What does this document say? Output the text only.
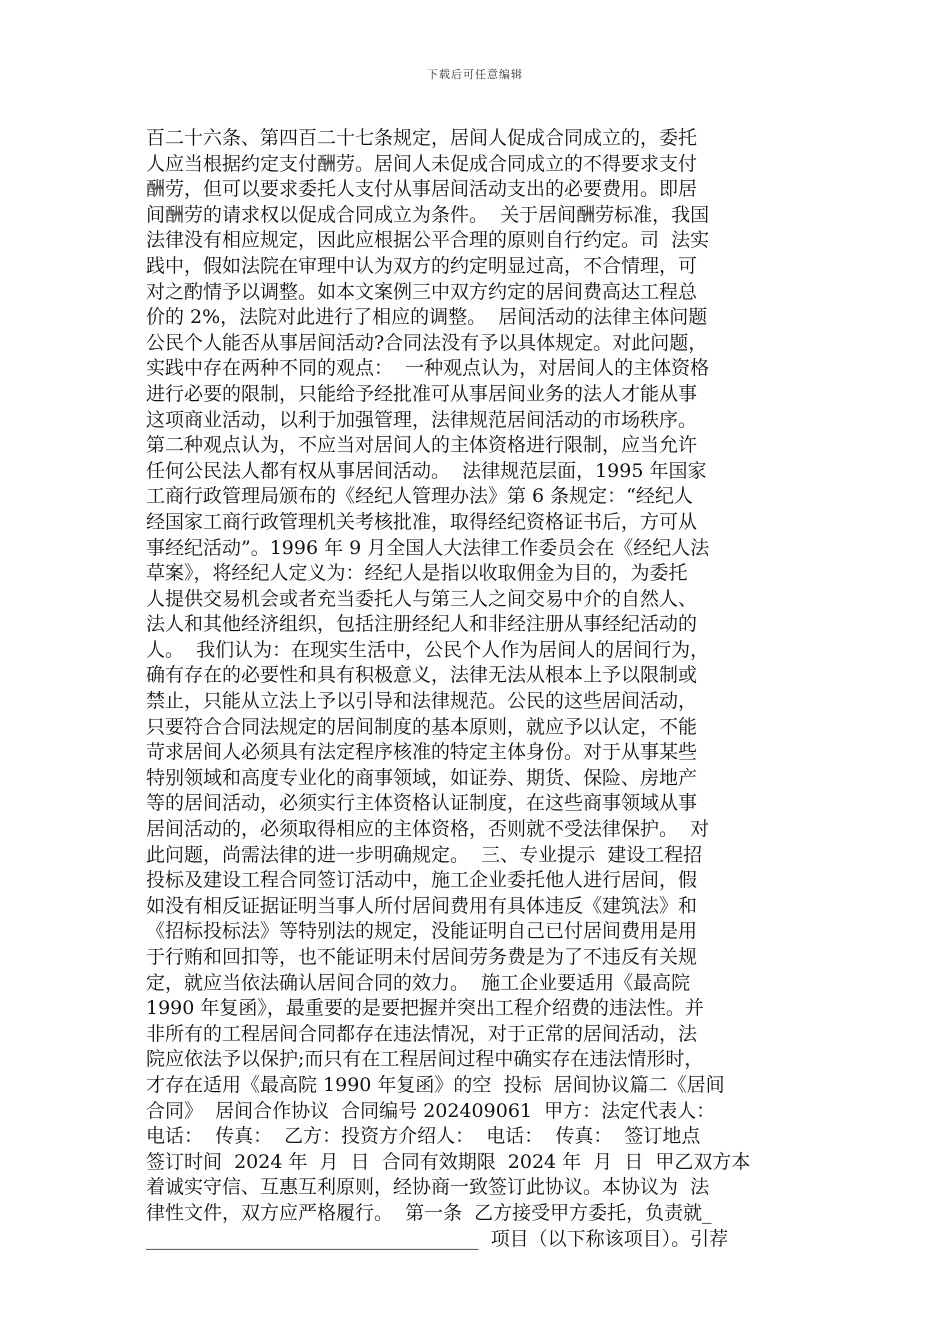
下载后可任意编辑
百二十六条、第四百二十七条规定，居间人促成合同成立的，委托
人应当根据约定支付酬劳。居间人未促成合同成立的不得要求支付
酬劳，但可以要求委托人支付从事居间活动支出的必要费用。即居
间酬劳的请求权以促成合同成立为条件。  关于居间酬劳标准，我国
法律没有相应规定，因此应根据公平合理的原则自行约定。司  法实
践中，假如法院在审理中认为双方的约定明显过高，不合情理，可
对之酌情予以调整。如本文案例三中双方约定的居间费高达工程总
价的 2%，法院对此进行了相应的调整。  居间活动的法律主体问题
公民个人能否从事居间活动?合同法没有予以具体规定。对此问题，
实践中存在两种不同的观点：  一种观点认为，对居间人的主体资格
进行必要的限制，只能给予经批准可从事居间业务的法人才能从事
这项商业活动，以利于加强管理，法律规范居间活动的市场秩序。
第二种观点认为，不应当对居间人的主体资格进行限制，应当允许
任何公民法人都有权从事居间活动。  法律规范层面，1995 年国家
工商行政管理局颁布的《经纪人管理办法》第 6 条规定：“经纪人
经国家工商行政管理机关考核批准，取得经纪资格证书后，方可从
事经纪活动”。1996 年 9 月全国人大法律工作委员会在《经纪人法
草案》，将经纪人定义为：经纪人是指以收取佣金为目的，为委托
人提供交易机会或者充当委托人与第三人之间交易中介的自然人、
法人和其他经济组织，包括注册经纪人和非经注册从事经纪活动的
人。  我们认为：在现实生活中，公民个人作为居间人的居间行为，
确有存在的必要性和具有积极意义，法律无法从根本上予以限制或
禁止，只能从立法上予以引导和法律规范。公民的这些居间活动，
只要符合合同法规定的居间制度的基本原则，就应予以认定，不能
苛求居间人必须具有法定程序核准的特定主体身份。对于从事某些
特别领域和高度专业化的商事领域，如证券、期货、保险、房地产
等的居间活动，必须实行主体资格认证制度，在这些商事领域从事
居间活动的，必须取得相应的主体资格，否则就不受法律保护。  对
此问题，尚需法律的进一步明确规定。  三、专业提示  建设工程招
投标及建设工程合同签订活动中，施工企业委托他人进行居间，假
如没有相反证据证明当事人所付居间费用有具体违反《建筑法》和
《招标投标法》等特别法的规定，没能证明自己已付居间费用是用
于行贿和回扣等，也不能证明未付居间劳务费是为了不违反有关规
定，就应当依法确认居间合同的效力。  施工企业要适用《最高院
1990 年复函》，最重要的是要把握并突出工程介绍费的违法性。并
非所有的工程居间合同都存在违法情况，对于正常的居间活动，法
院应依法予以保护;而只有在工程居间过程中确实存在违法情形时，
才存在适用《最高院 1990 年复函》的空  投标  居间协议篇二《居间
合同》  居间合作协议  合同编号 202409061  甲方：法定代表人：
电话：  传真：  乙方：投资方介绍人：  电话：  传真：  签订地点
签订时间  2024 年  月  日  合同有效期限  2024 年  月  日  甲乙双方本
着诚实守信、互惠互利原则，经协商一致签订此协议。本协议为  法
律性文件，双方应严格履行。  第一条  乙方接受甲方委托，负责就_
___________________________________  项目（以下称该项目）。引荐
